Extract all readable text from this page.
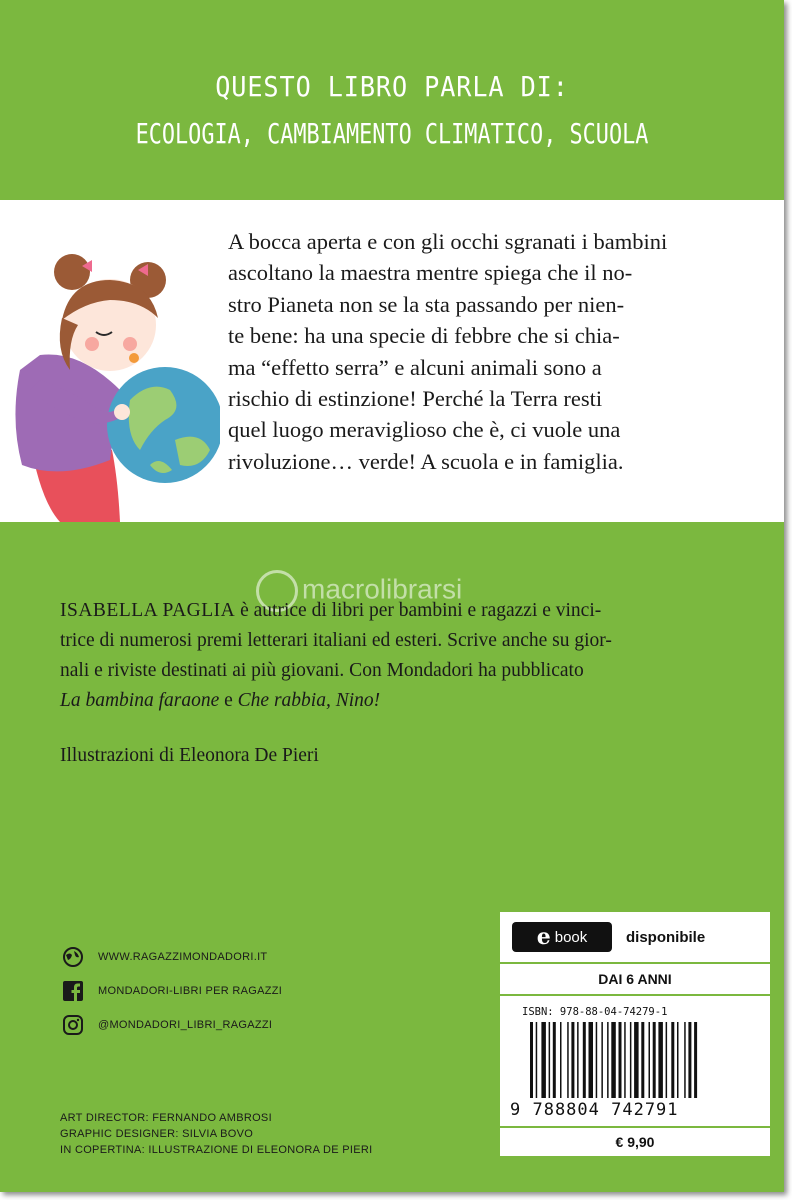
QUESTO LIBRO PARLA DI:
ECOLOGIA, CAMBIAMENTO CLIMATICO, SCUOLA
A bocca aperta e con gli occhi sgranati i bambini
ascoltano la maestra mentre spiega che il no-
stro Pianeta non se la sta passando per nien-
te bene: ha una specie di febbre che si chia-
ma “effetto serra” e alcuni animali sono a
rischio di estinzione! Perché la Terra resti
quel luogo meraviglioso che è, ci vuole una
rivoluzione… verde! A scuola e in famiglia.
macrolibrarsi
ISABELLA PAGLIA è autrice di libri per bambini e ragazzi e vinci-
trice di numerosi premi letterari italiani ed esteri. Scrive anche su gior-
nali e riviste destinati ai più giovani. Con Mondadori ha pubblicato
La bambina faraone e Che rabbia, Nino!
Illustrazioni di Eleonora De Pieri
WWW.RAGAZZIMONDADORI.IT
MONDADORI-LIBRI PER RAGAZZI
@MONDADORI_LIBRI_RAGAZZI
ART DIRECTOR: FERNANDO AMBROSI
GRAPHIC DESIGNER: SILVIA BOVO
IN COPERTINA: ILLUSTRAZIONE DI ELEONORA DE PIERI
e book	disponibile
DAI 6 ANNI
ISBN: 978-88-04-74279-1
9 788804 742791
€ 9,90
